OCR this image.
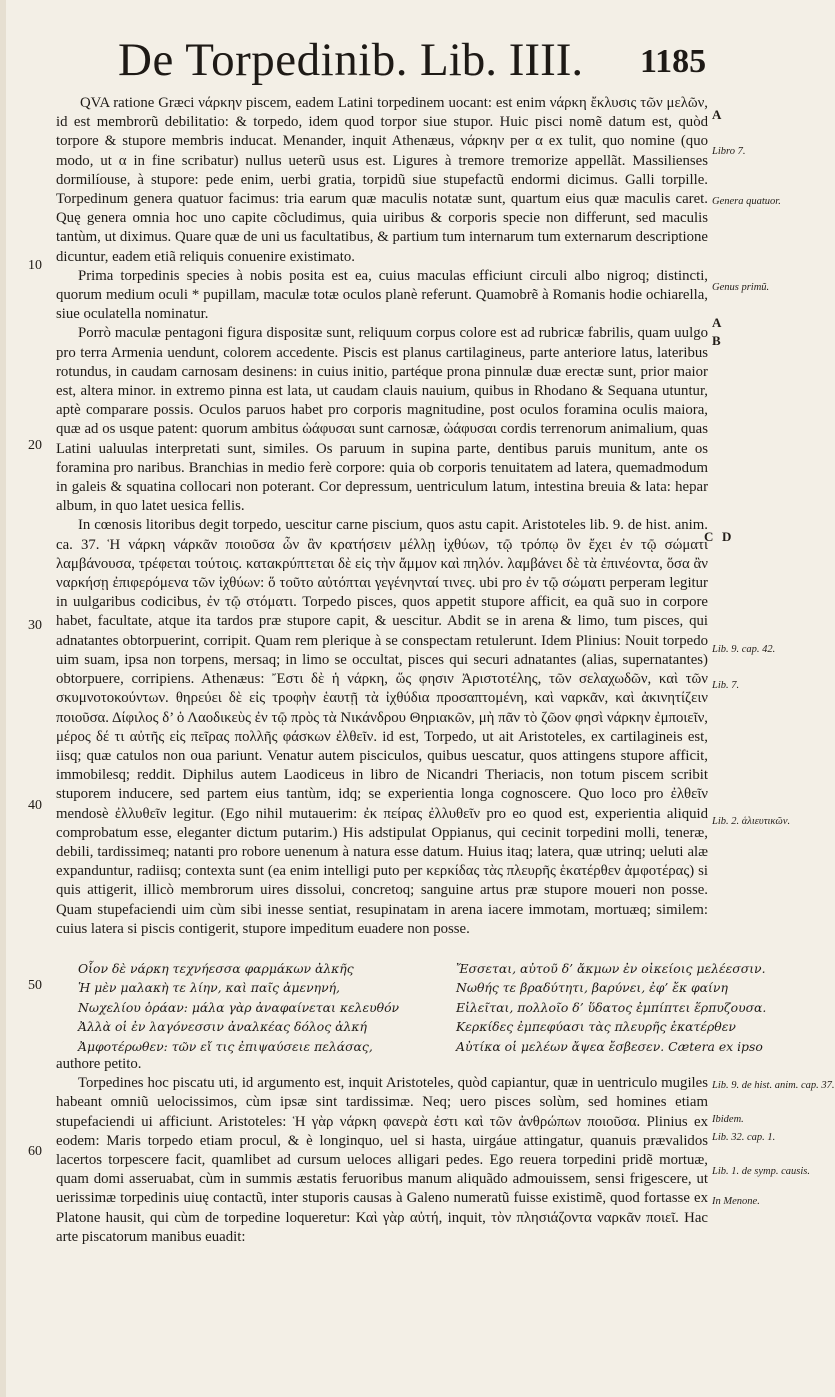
De Torpedinib. Lib. IIII. 1185

QVA ratione Græci νάρκην piscem, eadem Latini torpedinem uocant: est enim νάρκη ἔκλυσις τῶν μελῶν, id est membrorũ debilitatio: & torpedo, idem quod torpor siue stupor. Huic pisci nomẽ datum est, quòd torpore & stupore membris inducat. Menander, inquit Athenæus, νάρκην per α ex tulit, quo nomine (quo modo, ut α in fine scribatur) nullus ueterũ usus est. Ligures à tremore tremorize appellãt. Massilienses dormilíouse, à stupore: pede enim, uerbi gratia, torpidũ siue stupefactũ endormi dicimus. Galli torpille. Torpedinum genera quatuor facimus: tria earum quæ maculis notatæ sunt, quartum eius quæ maculis caret. Quę genera omnia hoc uno capite cõcludimus, quia uiribus & corporis specie non differunt, sed maculis tantùm, ut diximus. Quare quæ de uni us facultatibus, & partium tum internarum tum externarum descriptione dicuntur, eadem etiã reliquis conuenire existimato.

Prima torpedinis species à nobis posita est ea, cuius maculas efficiunt circuli albo nigroq; distincti, quorum medium oculi * pupillam, maculæ totæ oculos planè referunt. Quamobrẽ à Romanis hodie ochiarella, siue oculatella nominatur.

Porrò maculæ pentagoni figura dispositæ sunt, reliquum corpus colore est ad rubricæ fabrilis, quam uulgo pro terra Armenia uendunt, colorem accedente. Piscis est planus cartilagineus, parte anteriore latus, lateribus rotundus, in caudam carnosam desinens: in cuius initio, partéque prona pinnulæ duæ erectæ sunt, prior maior est, altera minor. in extremo pinna est lata, ut caudam clauis nauium, quibus in Rhodano & Sequana utuntur, aptè comparare possis. Oculos paruos habet pro corporis magnitudine, post oculos foramina oculis maiora, quæ ad os usque patent: quorum ambitus ὠάφυσαι sunt carnosæ, ὠάφυσαι cordis terrenorum animalium, quas Latini ualuulas interpretati sunt, similes. Os paruum in supina parte, dentibus paruis munitum, ante os foramina pro naribus. Branchias in medio ferè corpore: quia ob corporis tenuitatem ad latera, quemadmodum in galeis & squatina collocari non poterant. Cor depressum, uentriculum latum, intestina breuia & lata: hepar album, in quo latet uesica fellis.

In cœnosis litoribus degit torpedo, uescitur carne piscium, quos astu capit. Aristoteles lib. 9. de hist. anim. ca. 37. Ἡ νάρκη νάρκᾶν ποιοῦσα ὧν ἂν κρατήσειν μέλλῃ ἰχθύων, τῷ τρόπῳ ὃν ἔχει ἐν τῷ σώματι λαμβάνουσα, τρέφεται τούτοις. κατακρύπτεται δὲ εἰς τὴν ἄμμον καὶ πηλόν. λαμβάνει δὲ τὰ ἐπινέοντα, ὅσα ἂν ναρκήσῃ ἐπιφερόμενα τῶν ἰχθύων: ὅ τοῦτο αὐτόπται γεγένηνταί τινες. ubi pro ἐν τῷ σώματι perperam legitur in uulgaribus codicibus, ἐν τῷ στόματι. Torpedo pisces, quos appetit stupore afficit, ea quã suo in corpore habet, facultate, atque ita tardos præ stupore capit, & uescitur. Abdit se in arena & limo, tum pisces, qui adnatantes obtorpuerint, corripit. Quam rem plerique à se conspectam retulerunt. Idem Plinius: Nouit torpedo uim suam, ipsa non torpens, mersaq; in limo se occultat, pisces qui securi adnatantes (alias, supernatantes) obtorpuere, corripiens. Athenæus: Ἔστι δὲ ἡ νάρκη, ὥς φησιν Ἀριστοτέλης, τῶν σελαχωδῶν, καὶ τῶν σκυμνοτοκούντων. θηρεύει δὲ εἰς τροφὴν ἑαυτῇ τὰ ἰχθύδια προσαπτομένη, καὶ ναρκᾶν, καὶ ἀκινητίζειν ποιοῦσα. Δίφιλος δ’ ὁ Λαοδικεὺς ἐν τῷ πρὸς τὰ Νικάνδρου Θηριακῶν, μὴ πᾶν τὸ ζῶον φησὶ νάρκην ἐμποιεῖν, μέρος δέ τι αὐτῆς εἰς πεῖρας πολλῆς φάσκων ἐλθεῖν. id est, Torpedo, ut ait Aristoteles, ex cartilagineis est, iisq; quæ catulos non oua pariunt. Venatur autem pisciculos, quibus uescatur, quos attingens stupore afficit, immobilesq; reddit. Diphilus autem Laodiceus in libro de Nicandri Theriacis, non totum piscem scribit stuporem inducere, sed partem eius tantùm, idq; se experientia longa cognoscere. Quo loco pro ἐλθεῖν mendosè ἐλλυθεῖν legitur. (Ego nihil mutauerim: ἐκ πείρας ἐλλυθεῖν pro eo quod est, experientia aliquid comprobatum esse, eleganter dictum putarim.) His adstipulat Oppianus, qui cecinit torpedini molli, teneræ, debili, tardissimeq; natanti pro robore uenenum à natura esse datum. Huius itaq; latera, quæ utrinq; ueluti alæ expanduntur, radiisq; contexta sunt (ea enim intelligi puto per κερκίδας τὰς πλευρῆς ἑκατέρθεν ἀμφοτέρας) si quis attigerit, illicò membrorum uires dissolui, concretoq; sanguine artus præ stupore moueri non posse. Quam stupefaciendi uim cùm sibi inesse sentiat, resupinatam in arena iacere immotam, mortuæq; similem: cuius latera si piscis contigerit, stupore impeditum euadere non posse.

Οἷον δὲ νάρκη τεχνήεσσα φαρμάκων ἀλκῆς
Ἡ μὲν μαλακὴ τε λίην, καὶ παῖς ἀμενηνή,
Νωχελίου ὁράαν: μάλα γὰρ ἀναφαίνεται κελευθόν
Ἀλλὰ οἱ ἐν λαγόνεσσιν ἀναλκέας δόλος ἀλκή
Ἀμφοτέρωθεν: τῶν εἴ τις ἐπιψαύσειε πελάσας,
Ἔσσεται, αὐτοῦ δ’ ἄκμων ἐν οἰκείοις μελέεσσιν.
Νωθής τε βραδύτητι, βαρύνει, ἐφ’ ἔκ φαίνη
Εἰλεῖται, πολλοῖο δ’ ὕδατος ἐμπίπτει ἕρπυζουσα.
Κερκίδες ἐμπεφύασι τὰς πλευρῆς ἑκατέρθεν
Αὐτίκα οἱ μελέων ἄψεα ἔσβεσεν. Cætera ex ipso
authore petito.

Torpedines hoc piscatu uti, id argumento est, inquit Aristoteles, quòd capiantur, quæ in uentriculo mugiles habeant omniũ uelocissimos, cùm ipsæ sint tardissimæ. Neq; uero pisces solùm, sed homines etiam stupefaciendi ui afficiunt. Aristoteles: Ἡ γὰρ νάρκη φανερὰ ἐστι καὶ τῶν ἀνθρώπων ποιοῦσα. Plinius ex eodem: Maris torpedo etiam procul, & è longinquo, uel si hasta, uirgáue attingatur, quanuis prævalidos lacertos torpescere facit, quamlibet ad cursum ueloces alligari pedes. Ego reuera torpedini pridẽ mortuæ, quam domi asseruabat, cùm in summis æstatis feruoribus manum aliquãdo admouissem, sensi frigescere, ut uerissimæ torpedinis uiuę contactũ, inter stuporis causas à Galeno numeratũ fuisse existimẽ, quod fortasse ex Platone hausit, qui cùm de torpedine loqueretur: Καὶ γὰρ αὐτή, inquit, τὸν πλησιάζοντα ναρκᾶν ποιεῖ. Hac arte piscatorum manibus euadit:

A
A
B
C D
Libro 7.
Genera quatuor.
Genus primũ.
Lib. 9. cap. 42.
Lib. 7.
Lib. 2. ἁλιευτικῶν.
Lib. 9. de hist. anim. cap. 37.
Ibidem.
Lib. 32. cap. 1.
Lib. 1. de symp. causis.
In Menone.
10
20
30
40
50
60
